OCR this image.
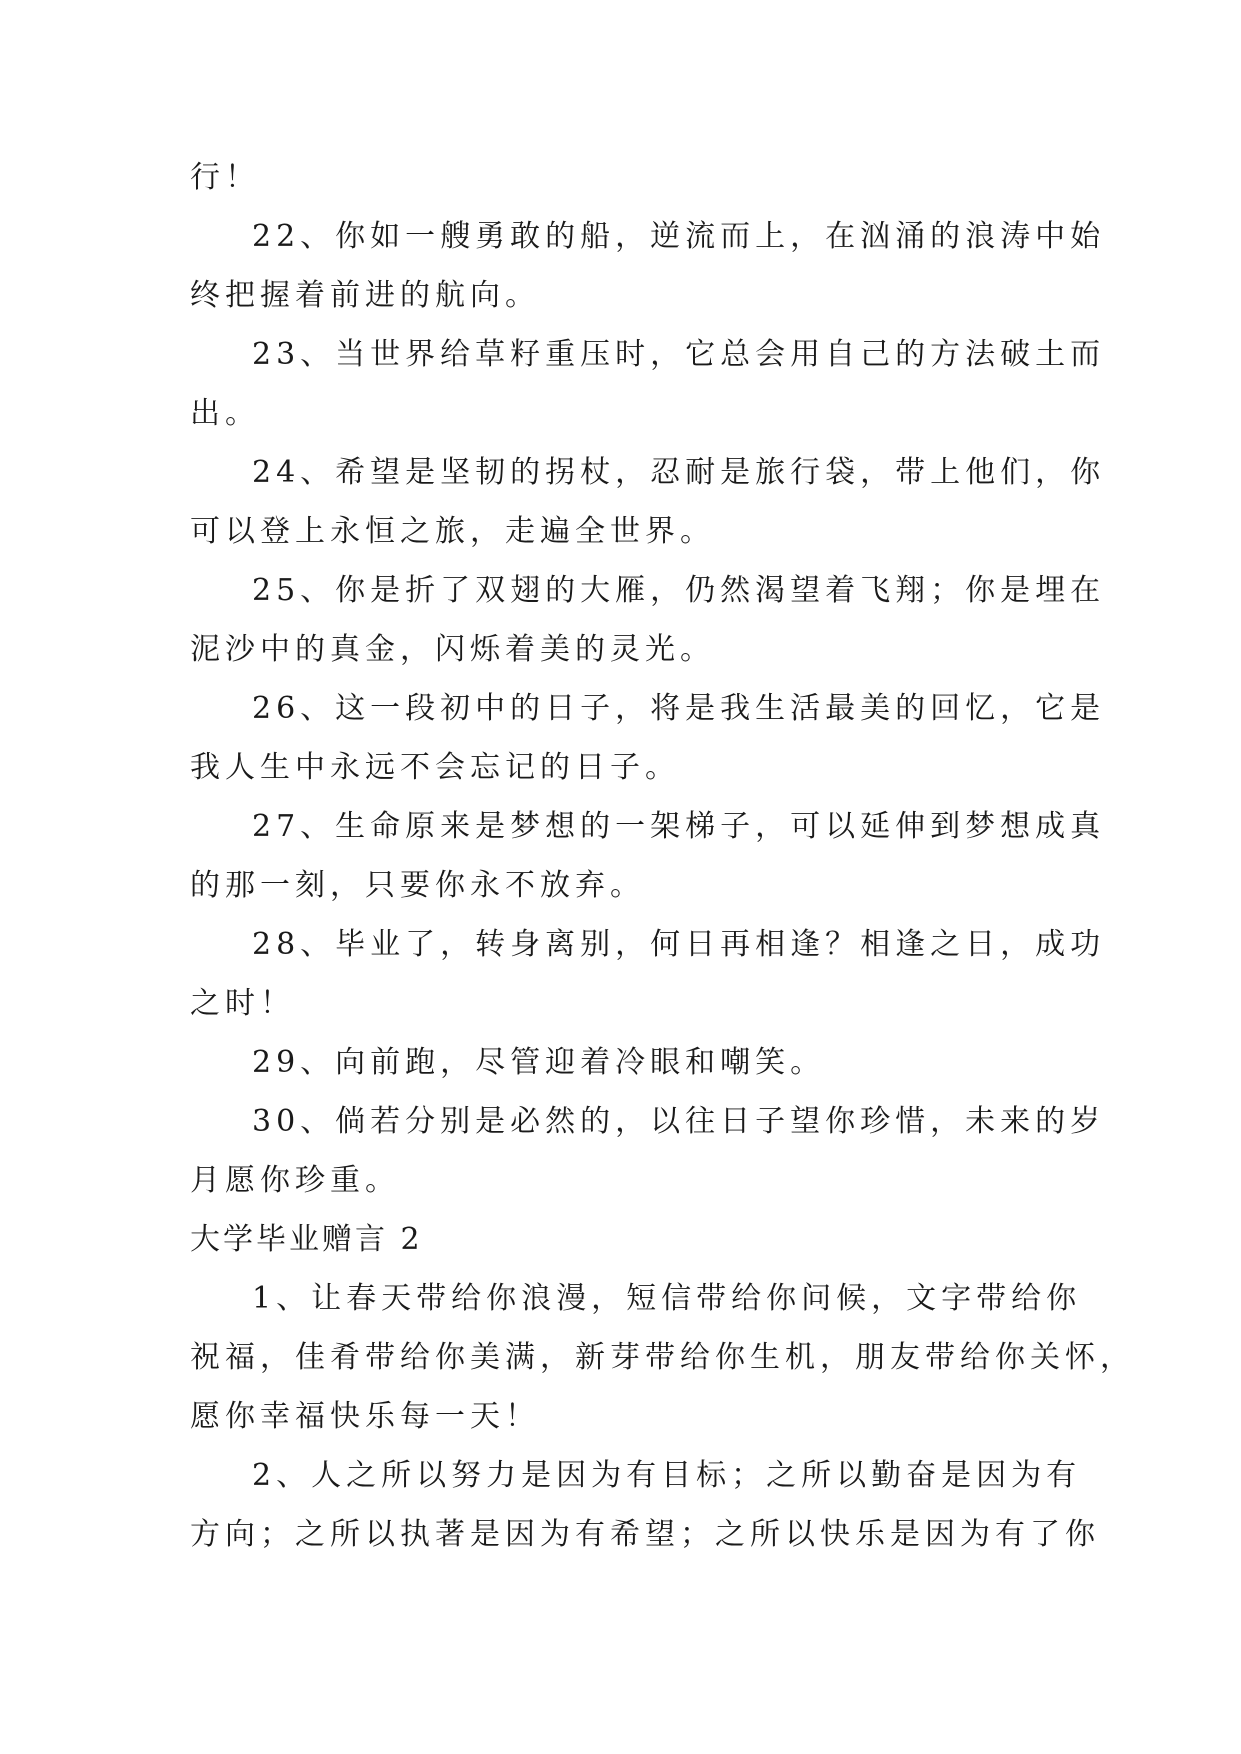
行！

22、你如一艘勇敢的船，逆流而上，在汹涌的浪涛中始

终把握着前进的航向。

23、当世界给草籽重压时，它总会用自己的方法破土而

出。

24、希望是坚韧的拐杖，忍耐是旅行袋，带上他们，你

可以登上永恒之旅，走遍全世界。

25、你是折了双翅的大雁，仍然渴望着飞翔；你是埋在

泥沙中的真金，闪烁着美的灵光。

26、这一段初中的日子，将是我生活最美的回忆，它是

我人生中永远不会忘记的日子。

27、生命原来是梦想的一架梯子，可以延伸到梦想成真

的那一刻，只要你永不放弃。

28、毕业了，转身离别，何日再相逢？相逢之日，成功

之时！

29、向前跑，尽管迎着冷眼和嘲笑。

30、倘若分别是必然的，以往日子望你珍惜，未来的岁

月愿你珍重。

大学毕业赠言 2

1、让春天带给你浪漫，短信带给你问候，文字带给你

祝福，佳肴带给你美满，新芽带给你生机，朋友带给你关怀，

愿你幸福快乐每一天！

2、人之所以努力是因为有目标；之所以勤奋是因为有

方向；之所以执著是因为有希望；之所以快乐是因为有了你
